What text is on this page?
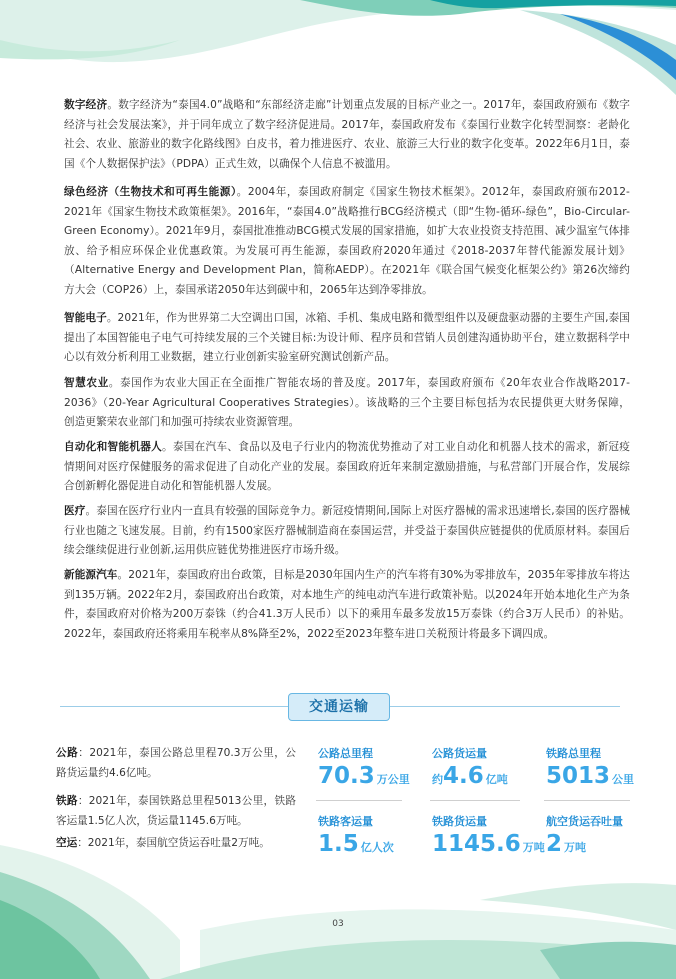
数字经济。数字经济为“泰国4.0”战略和“东部经济走廊”计划重点发展的目标产业之一。2017年，泰国政府颁布《数字经济与社会发展法案》，并于同年成立了数字经济促进局。2017年，泰国政府发布《泰国行业数字化转型洞察：老龄化社会、农业、旅游业的数字化路线图》白皮书，着力推进医疗、农业、旅游三大行业的数字化变革。2022年6月1日，泰国《个人数据保护法》（PDPA）正式生效，以确保个人信息不被滥用。

绿色经济（生物技术和可再生能源）。2004年，泰国政府制定《国家生物技术框架》。2012年，泰国政府颁布2012-2021年《国家生物技术政策框架》。2016年，“泰国4.0”战略推行BCG经济模式（即“生物-循环-绿色”，Bio-Circular-Green Economy）。2021年9月，泰国批准推动BCG模式发展的国家措施，如扩大农业投资支持范围、减少温室气体排放、给予相应环保企业优惠政策。为发展可再生能源，泰国政府2020年通过《2018-2037年替代能源发展计划》（Alternative Energy and Development Plan，简称AEDP）。在2021年《联合国气候变化框架公约》第26次缔约方大会（COP26）上，泰国承诺2050年达到碳中和，2065年达到净零排放。

智能电子。2021年，作为世界第二大空调出口国，冰箱、手机、集成电路和微型组件以及硬盘驱动器的主要生产国,泰国提出了本国智能电子电气可持续发展的三个关键目标:为设计师、程序员和营销人员创建沟通协助平台，建立数据科学中心以有效分析利用工业数据，建立行业创新实验室研究测试创新产品。

智慧农业。泰国作为农业大国正在全面推广智能农场的普及度。2017年，泰国政府颁布《20年农业合作战略2017-2036》（20-Year Agricultural Cooperatives Strategies）。该战略的三个主要目标包括为农民提供更大财务保障，创造更繁荣农业部门和加强可持续农业资源管理。

自动化和智能机器人。泰国在汽车、食品以及电子行业内的物流优势推动了对工业自动化和机器人技术的需求，新冠疫情期间对医疗保健服务的需求促进了自动化产业的发展。泰国政府近年来制定激励措施，与私营部门开展合作，发展综合创新孵化器促进自动化和智能机器人发展。

医疗。泰国在医疗行业内一直具有较强的国际竞争力。新冠疫情期间,国际上对医疗器械的需求迅速增长,泰国的医疗器械行业也随之飞速发展。目前，约有1500家医疗器械制造商在泰国运营，并受益于泰国供应链提供的优质原材料。泰国后续会继续促进行业创新,运用供应链优势推进医疗市场升级。

新能源汽车。2021年，泰国政府出台政策，目标是2030年国内生产的汽车将有30%为零排放车，2035年零排放车将达到135万辆。2022年2月，泰国政府出台政策，对本地生产的纯电动汽车进行政策补贴。以2024年开始本地化生产为条件，泰国政府对价格为200万泰铢（约合41.3万人民币）以下的乘用车最多发放15万泰铢（约合3万人民币）的补贴。2022年，泰国政府还将乘用车税率从8%降至2%，2022至2023年整车进口关税预计将最多下调四成。

交通运输

公路：2021年，泰国公路总里程70.3万公里，公路货运量约4.6亿吨。

铁路：2021年，泰国铁路总里程5013公里，铁路客运量1.5亿人次，货运量1145.6万吨。

空运：2021年，泰国航空货运吞吐量2万吨。

公路总里程
70.3 万公里
公路货运量
约4.6 亿吨
铁路总里程
5013 公里
铁路客运量
1.5 亿人次
铁路货运量
1145.6 万吨
航空货运吞吐量
2 万吨
03
